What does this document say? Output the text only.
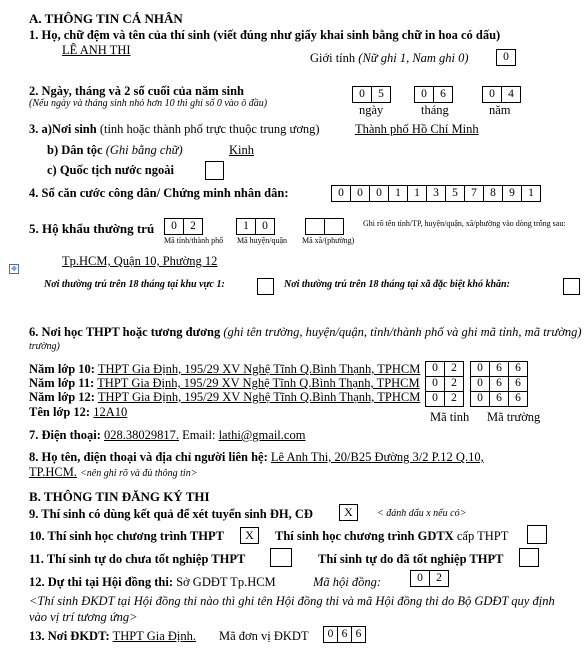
✥
A. THÔNG TIN CÁ NHÂN
1. Họ, chữ đệm và tên của thí sinh (viết đúng như giấy khai sinh bằng chữ in hoa có dấu)
LÊ ANH THI
Giới tính (Nữ ghi 1, Nam ghi 0)	0
2. Ngày, tháng và 2 số cuối của năm sinh
(Nếu ngày và tháng sinh nhỏ hơn 10 thì ghi số 0 vào ô đầu)
0	5	0	6	0	4
ngày	tháng	năm
3. a)Nơi sinh (tỉnh hoặc thành phố trực thuộc trung ương)	Thành phố Hồ Chí Minh
b) Dân tộc (Ghi bằng chữ)	Kinh
c) Quốc tịch nước ngoài
4. Số căn cước công dân/ Chứng minh nhân dân:	0	0	0	1	1	3	5	7	8	9	1
5. Hộ khẩu thường trú	0	2	1	0	Ghi rõ tên tỉnh/TP, huyện/quận, xã/phường vào dòng trống sau:
Mã tỉnh/thành phố Mã huyện/quận Mã xã/(phường)
Tp.HCM, Quận 10, Phường 12
Nơi thường trú trên 18 tháng tại khu vực 1:	Nơi thường trú trên 18 tháng tại xã đặc biệt khó khăn:
6. Nơi học THPT hoặc tương đương (ghi tên trường, huyện/quận, tỉnh/thành phố và ghi mã tỉnh, mã trường)
trường)
Năm lớp 10: THPT Gia Định, 195/29 XV Nghệ Tĩnh Q.Bình Thạnh, TPHCM
Năm lớp 11: THPT Gia Định, 195/29 XV Nghệ Tĩnh Q.Bình Thạnh, TPHCM
Năm lớp 12: THPT Gia Định, 195/29 XV Nghệ Tĩnh Q.Bình Thạnh, TPHCM
Tên lớp 12: 12A10
0	2		0	6	6
0	2		0	6	6
0	2		0	6	6
Mã tỉnh Mã trường
7. Điện thoại: 028.38029817. Email: lathi@gmail.com
8. Họ tên, điện thoại và địa chỉ người liên hệ: Lê Anh Thi, 20/B25 Đường 3/2 P.12 Q.10,
TP.HCM. <nên ghi rõ và đủ thông tin>
B. THÔNG TIN ĐĂNG KÝ THI
9. Thí sinh có dùng kết quả để xét tuyển sinh ĐH, CĐ	X	< đánh dấu x nếu có>
10. Thí sinh học chương trình THPT	X	Thí sinh học chương trình GDTX cấp THPT
11. Thí sinh tự do chưa tốt nghiệp THPT	Thí sinh tự do đã tốt nghiệp THPT
12. Dự thi tại Hội đồng thi: Sở GDĐT Tp.HCM	Mã hội đồng:	0	2
<Thí sinh ĐKDT tại Hội đồng thi nào thì ghi tên Hội đồng thi và mã Hội đồng thi do Bộ GDĐT quy định vào vị trí tương ứng>
13. Nơi ĐKDT: THPT Gia Định. Mã đơn vị ĐKDT	0 6 6
